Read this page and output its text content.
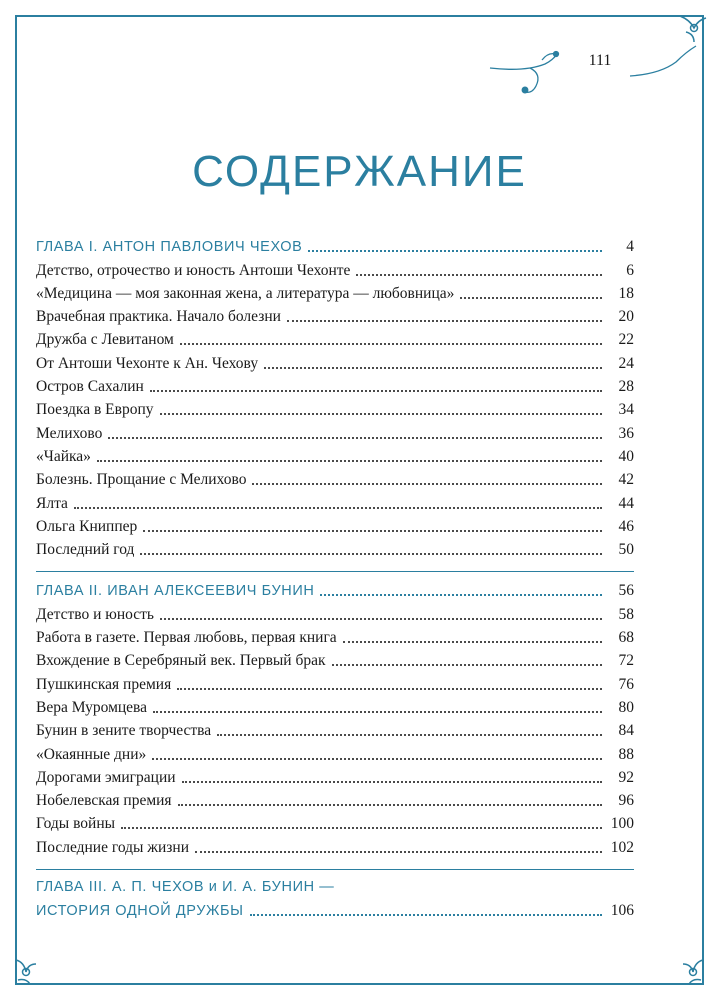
111
СОДЕРЖАНИЕ
ГЛАВА I. АНТОН ПАВЛОВИЧ ЧЕХОВ	4
Детство, отрочество и юность Антоши Чехонте	6
«Медицина — моя законная жена, а литература — любовница»	18
Врачебная практика. Начало болезни	20
Дружба с Левитаном	22
От Антоши Чехонте к Ан. Чехову	24
Остров Сахалин	28
Поездка в Европу	34
Мелихово	36
«Чайка»	40
Болезнь. Прощание с Мелихово	42
Ялта	44
Ольга Книппер	46
Последний год	50
ГЛАВА II. ИВАН АЛЕКСЕЕВИЧ БУНИН	56
Детство и юность	58
Работа в газете. Первая любовь, первая книга	68
Вхождение в Серебряный век. Первый брак	72
Пушкинская премия	76
Вера Муромцева	80
Бунин в зените творчества	84
«Окаянные дни»	88
Дорогами эмиграции	92
Нобелевская премия	96
Годы войны	100
Последние годы жизни	102
ГЛАВА III. А. П. ЧЕХОВ и И. А. БУНИН —
ИСТОРИЯ ОДНОЙ ДРУЖБЫ	106
